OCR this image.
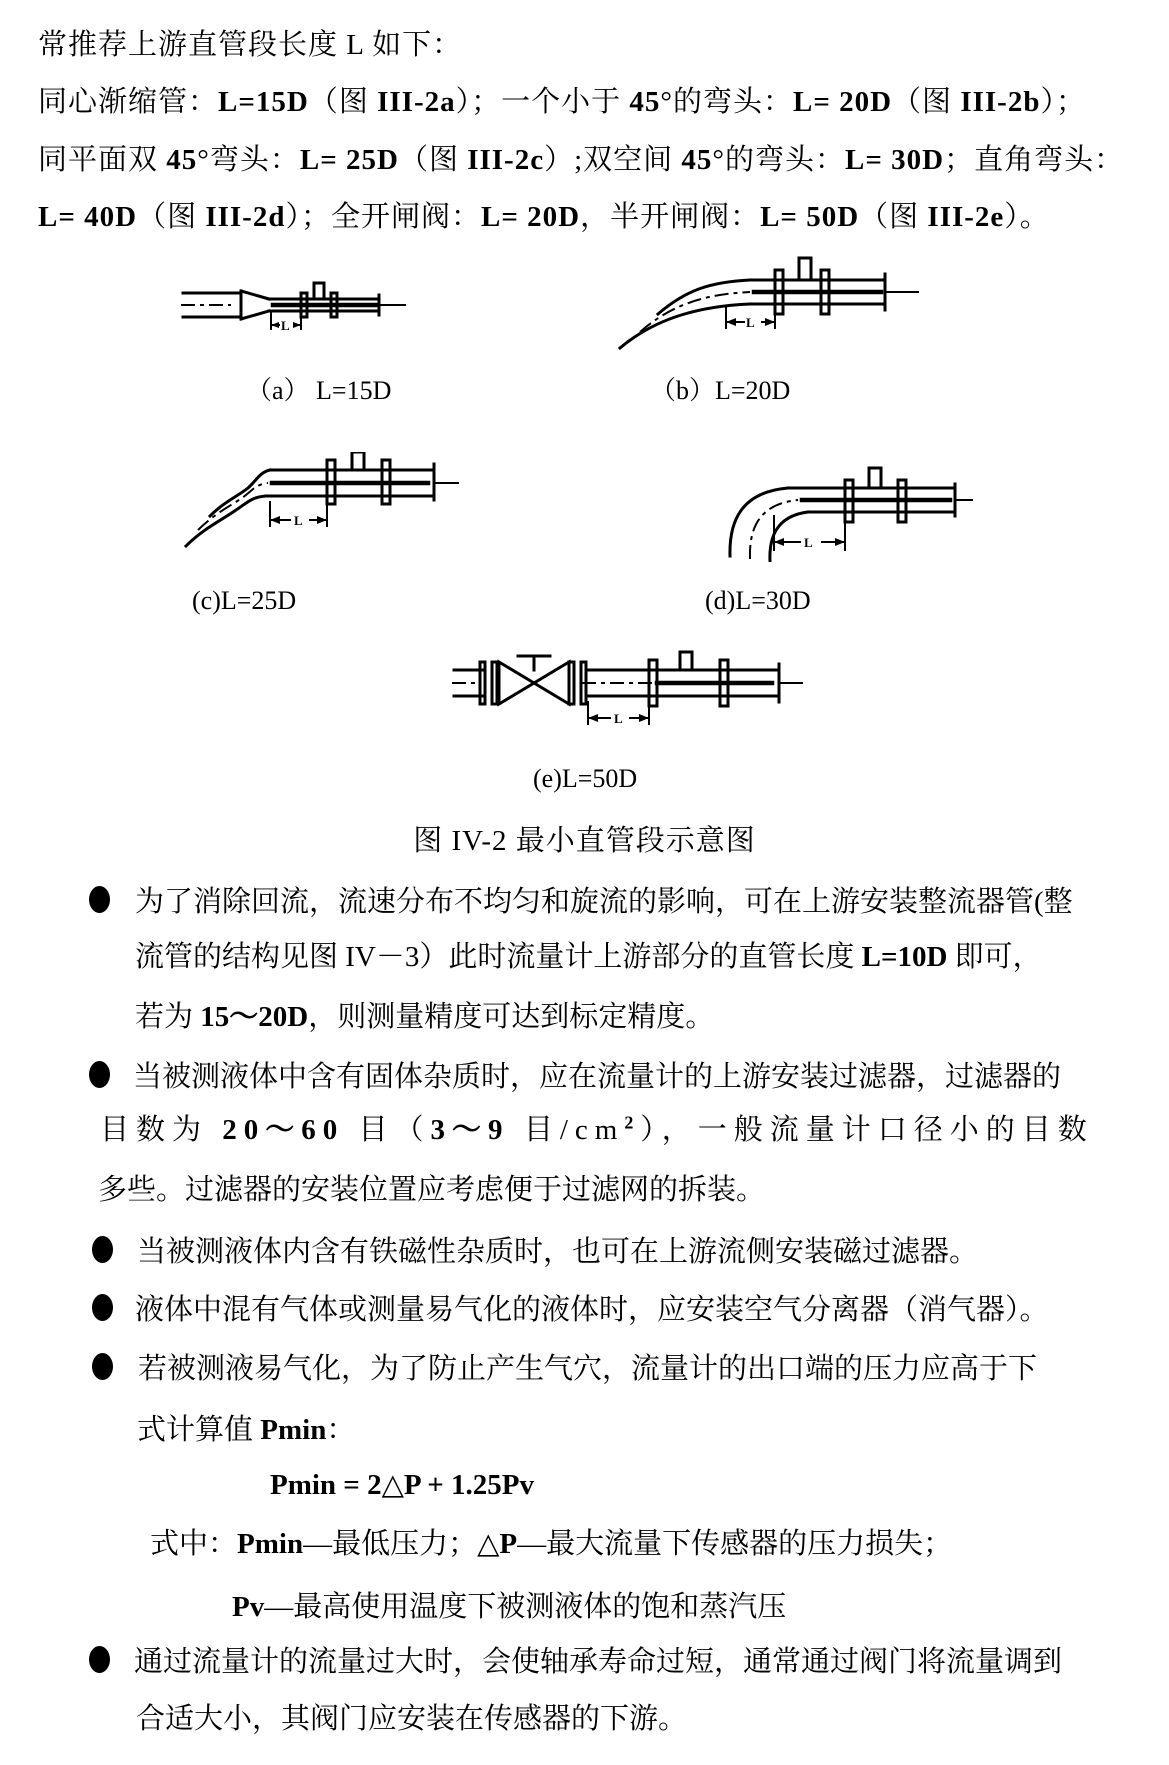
常推荐上游直管段长度 L 如下：
同心渐缩管：L=15D（图 III-2a）；一个小于 45°的弯头：L= 20D（图 III-2b）；
同平面双 45°弯头：L= 25D（图 III-2c）;双空间 45°的弯头：L= 30D；直角弯头：
L= 40D（图 III-2d）；全开闸阀：L= 20D，半开闸阀：L= 50D（图 III-2e）。
L
（a） L=15D
L
（b）L=20D
L
(c)L=25D
L
(d)L=30D
L
(e)L=50D
图 IV-2 最小直管段示意图
为了消除回流，流速分布不均匀和旋流的影响，可在上游安装整流器管(整
流管的结构见图 IV－3）此时流量计上游部分的直管长度 L=10D 即可，
若为 15～20D，则测量精度可达到标定精度。
当被测液体中含有固体杂质时，应在流量计的上游安装过滤器，过滤器的
目数为 20～60 目（3～9 目$/cm^2$），一般流量计口径小的目数
多些。过滤器的安装位置应考虑便于过滤网的拆装。
当被测液体内含有铁磁性杂质时，也可在上游流侧安装磁过滤器。
液体中混有气体或测量易气化的液体时，应安装空气分离器（消气器）。
若被测液易气化，为了防止产生气穴，流量计的出口端的压力应高于下
式计算值 Pmin：
Pmin = 2△P + 1.25Pv
式中：Pmin—最低压力；△P—最大流量下传感器的压力损失；
Pv—最高使用温度下被测液体的饱和蒸汽压
通过流量计的流量过大时，会使轴承寿命过短，通常通过阀门将流量调到
合适大小，其阀门应安装在传感器的下游。
